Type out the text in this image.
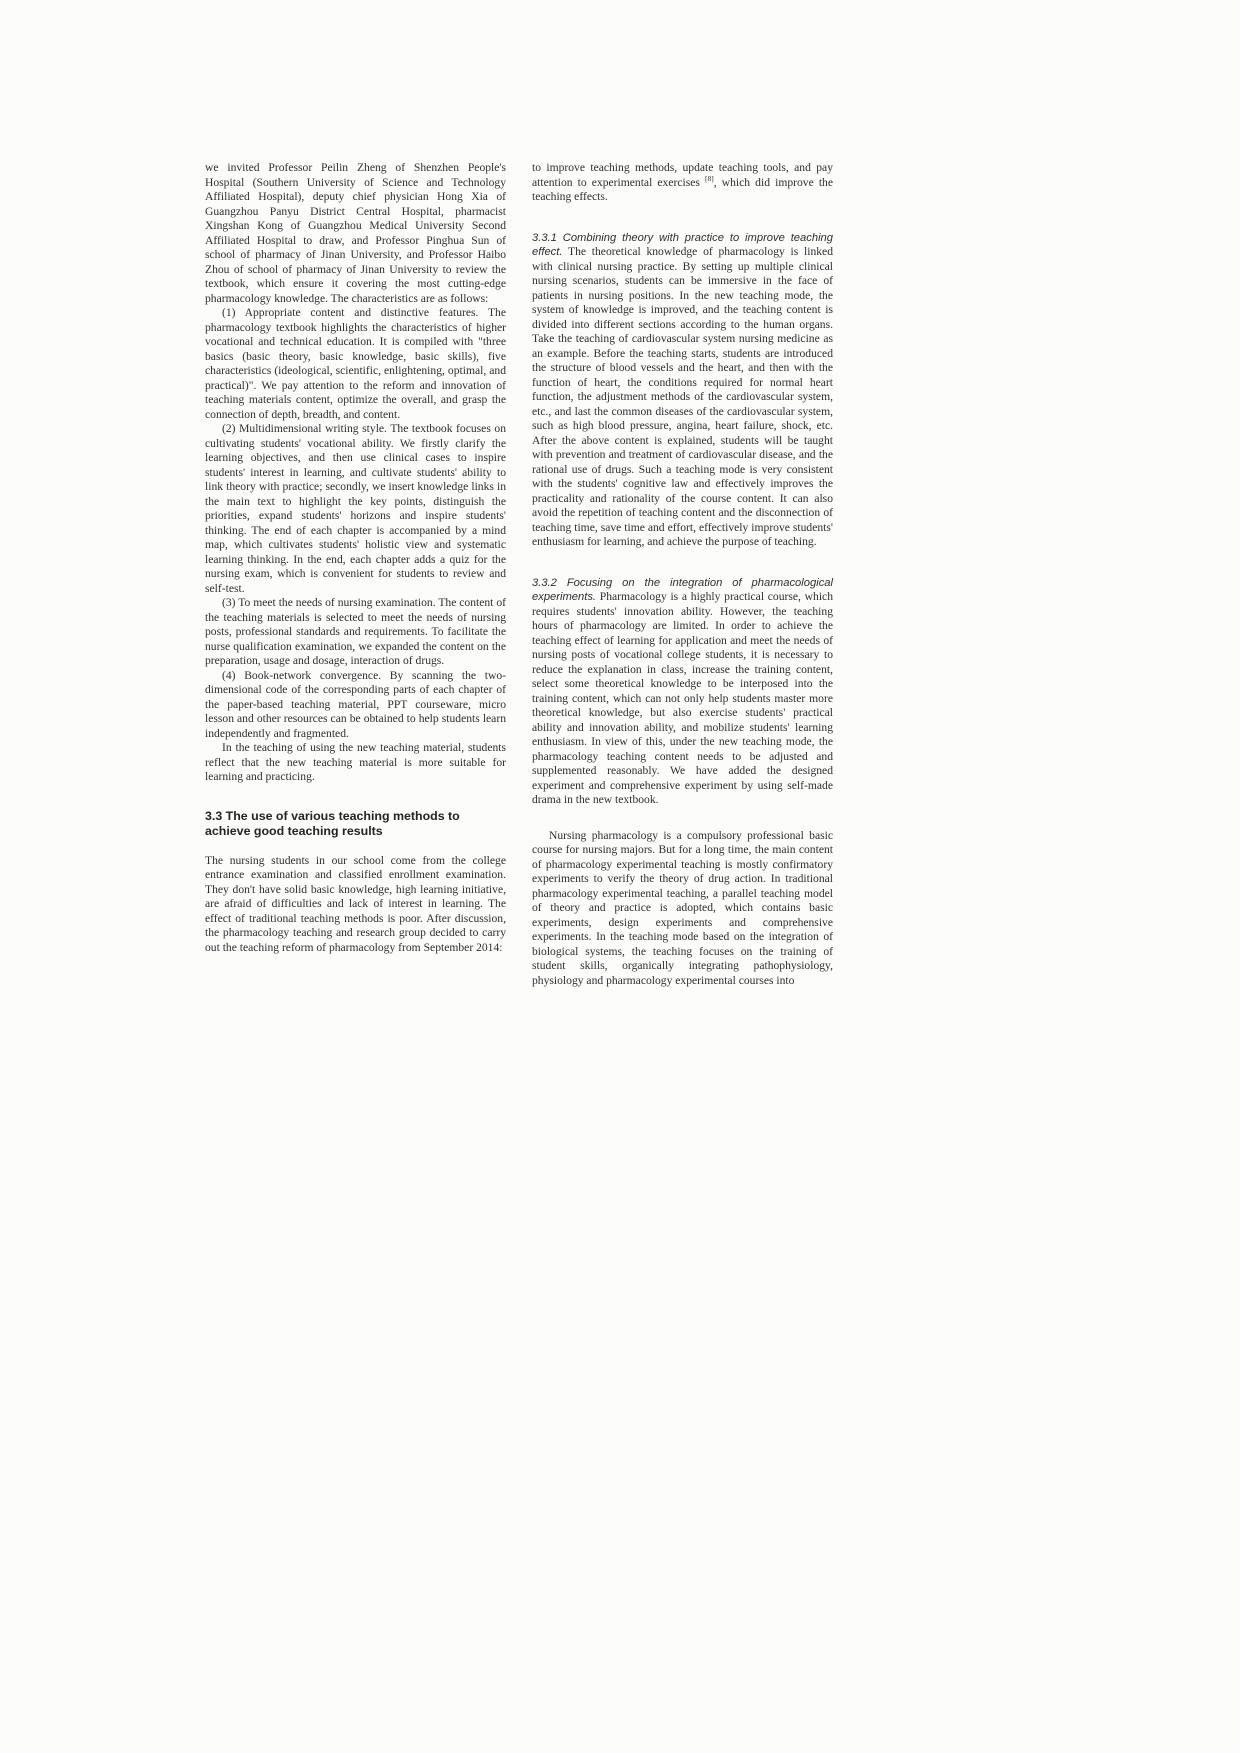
we invited Professor Peilin Zheng of Shenzhen People's Hospital (Southern University of Science and Technology Affiliated Hospital), deputy chief physician Hong Xia of Guangzhou Panyu District Central Hospital, pharmacist Xingshan Kong of Guangzhou Medical University Second Affiliated Hospital to draw, and Professor Pinghua Sun of school of pharmacy of Jinan University, and Professor Haibo Zhou of school of pharmacy of Jinan University to review the textbook, which ensure it covering the most cutting-edge pharmacology knowledge. The characteristics are as follows:

(1) Appropriate content and distinctive features. The pharmacology textbook highlights the characteristics of higher vocational and technical education. It is compiled with "three basics (basic theory, basic knowledge, basic skills), five characteristics (ideological, scientific, enlightening, optimal, and practical)". We pay attention to the reform and innovation of teaching materials content, optimize the overall, and grasp the connection of depth, breadth, and content.

(2) Multidimensional writing style. The textbook focuses on cultivating students' vocational ability. We firstly clarify the learning objectives, and then use clinical cases to inspire students' interest in learning, and cultivate students' ability to link theory with practice; secondly, we insert knowledge links in the main text to highlight the key points, distinguish the priorities, expand students' horizons and inspire students' thinking. The end of each chapter is accompanied by a mind map, which cultivates students' holistic view and systematic learning thinking. In the end, each chapter adds a quiz for the nursing exam, which is convenient for students to review and self-test.

(3) To meet the needs of nursing examination. The content of the teaching materials is selected to meet the needs of nursing posts, professional standards and requirements. To facilitate the nurse qualification examination, we expanded the content on the preparation, usage and dosage, interaction of drugs.

(4) Book-network convergence. By scanning the two-dimensional code of the corresponding parts of each chapter of the paper-based teaching material, PPT courseware, micro lesson and other resources can be obtained to help students learn independently and fragmented.

In the teaching of using the new teaching material, students reflect that the new teaching material is more suitable for learning and practicing.

3.3 The use of various teaching methods to achieve good teaching results

The nursing students in our school come from the college entrance examination and classified enrollment examination. They don't have solid basic knowledge, high learning initiative, are afraid of difficulties and lack of interest in learning. The effect of traditional teaching methods is poor. After discussion, the pharmacology teaching and research group decided to carry out the teaching reform of pharmacology from September 2014:

to improve teaching methods, update teaching tools, and pay attention to experimental exercises [8], which did improve the teaching effects.

3.3.1 Combining theory with practice to improve teaching effect. The theoretical knowledge of pharmacology is linked with clinical nursing practice. By setting up multiple clinical nursing scenarios, students can be immersive in the face of patients in nursing positions. In the new teaching mode, the system of knowledge is improved, and the teaching content is divided into different sections according to the human organs. Take the teaching of cardiovascular system nursing medicine as an example. Before the teaching starts, students are introduced the structure of blood vessels and the heart, and then with the function of heart, the conditions required for normal heart function, the adjustment methods of the cardiovascular system, etc., and last the common diseases of the cardiovascular system, such as high blood pressure, angina, heart failure, shock, etc. After the above content is explained, students will be taught with prevention and treatment of cardiovascular disease, and the rational use of drugs. Such a teaching mode is very consistent with the students' cognitive law and effectively improves the practicality and rationality of the course content. It can also avoid the repetition of teaching content and the disconnection of teaching time, save time and effort, effectively improve students' enthusiasm for learning, and achieve the purpose of teaching.

3.3.2 Focusing on the integration of pharmacological experiments. Pharmacology is a highly practical course, which requires students' innovation ability. However, the teaching hours of pharmacology are limited. In order to achieve the teaching effect of learning for application and meet the needs of nursing posts of vocational college students, it is necessary to reduce the explanation in class, increase the training content, select some theoretical knowledge to be interposed into the training content, which can not only help students master more theoretical knowledge, but also exercise students' practical ability and innovation ability, and mobilize students' learning enthusiasm. In view of this, under the new teaching mode, the pharmacology teaching content needs to be adjusted and supplemented reasonably. We have added the designed experiment and comprehensive experiment by using self-made drama in the new textbook.

Nursing pharmacology is a compulsory professional basic course for nursing majors. But for a long time, the main content of pharmacology experimental teaching is mostly confirmatory experiments to verify the theory of drug action. In traditional pharmacology experimental teaching, a parallel teaching model of theory and practice is adopted, which contains basic experiments, design experiments and comprehensive experiments. In the teaching mode based on the integration of biological systems, the teaching focuses on the training of student skills, organically integrating pathophysiology, physiology and pharmacology experimental courses into
